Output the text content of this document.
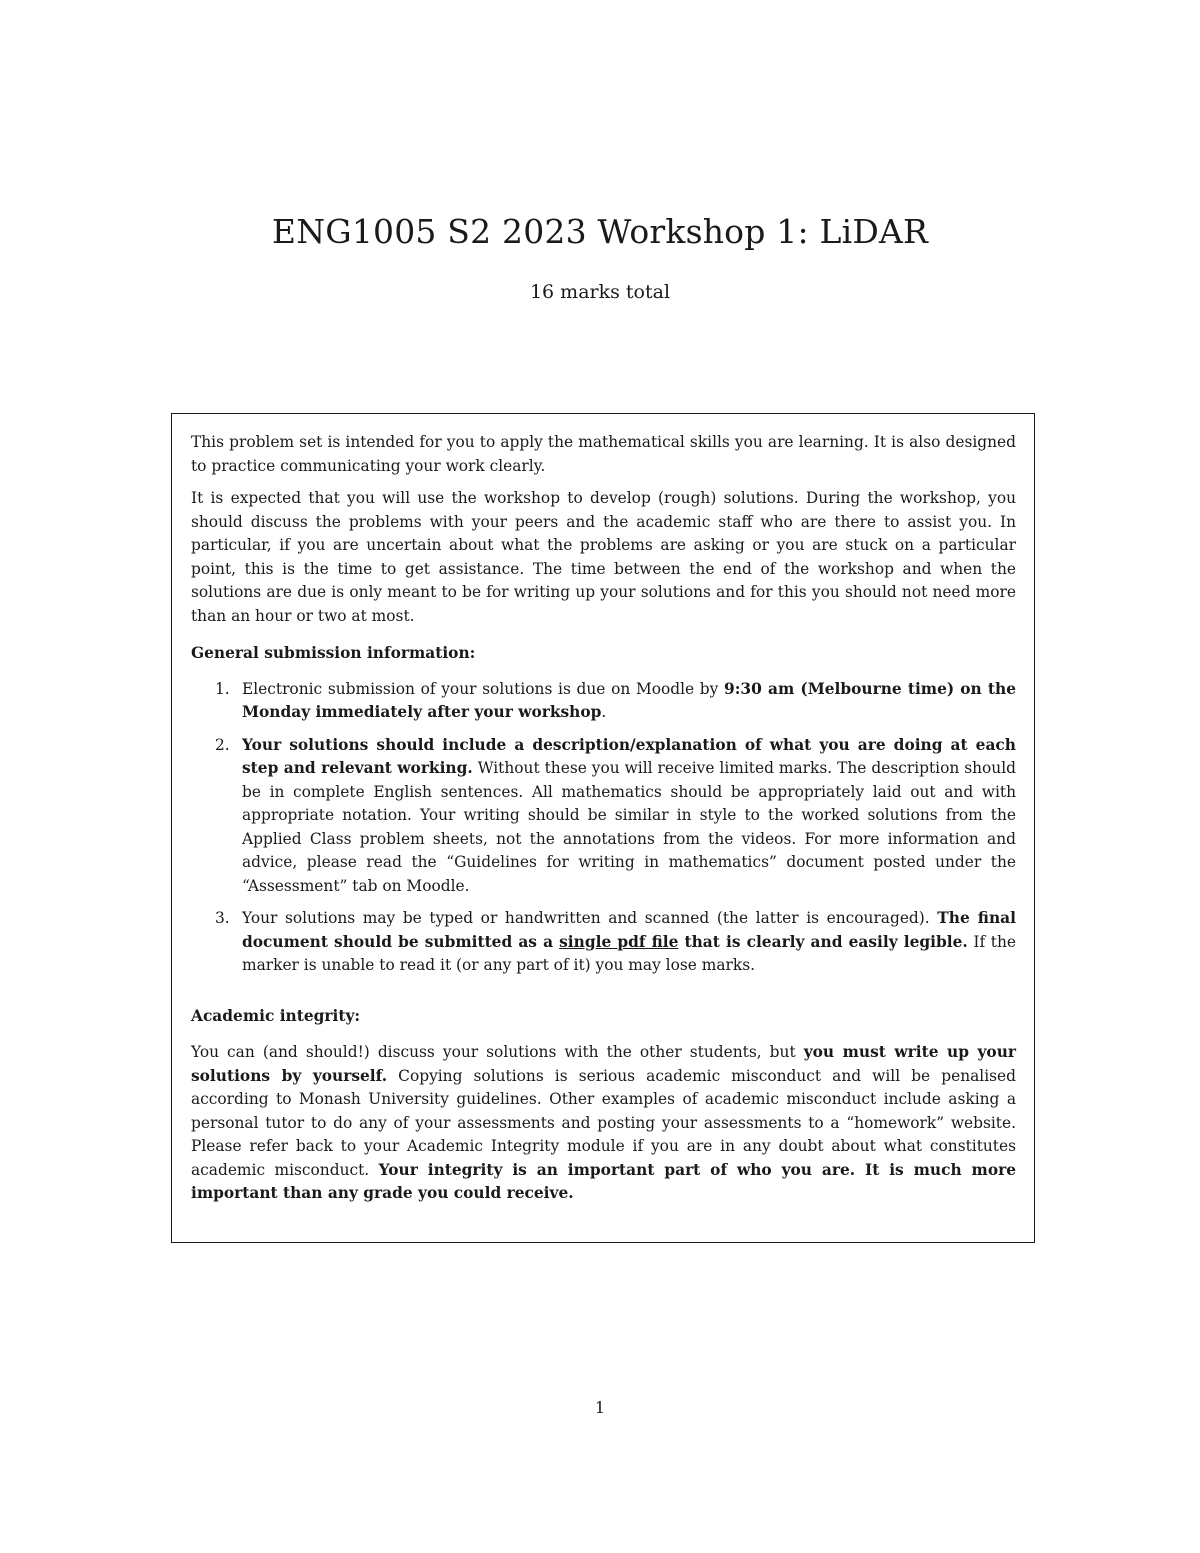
ENG1005 S2 2023 Workshop 1: LiDAR
16 marks total

This problem set is intended for you to apply the mathematical skills you are learning. It is also designed to practice communicating your work clearly.

It is expected that you will use the workshop to develop (rough) solutions. During the workshop, you should discuss the problems with your peers and the academic staff who are there to assist you. In particular, if you are uncertain about what the problems are asking or you are stuck on a particular point, this is the time to get assistance. The time between the end of the workshop and when the solutions are due is only meant to be for writing up your solutions and for this you should not need more than an hour or two at most.

General submission information:

1. Electronic submission of your solutions is due on Moodle by 9:30 am (Melbourne time) on the Monday immediately after your workshop.
2. Your solutions should include a description/explanation of what you are doing at each step and relevant working. Without these you will receive limited marks. The description should be in complete English sentences. All mathematics should be appropriately laid out and with appropriate notation. Your writing should be similar in style to the worked solutions from the Applied Class problem sheets, not the annotations from the videos. For more information and advice, please read the “Guidelines for writing in mathematics” document posted under the “Assessment” tab on Moodle.
3. Your solutions may be typed or handwritten and scanned (the latter is encouraged). The final document should be submitted as a single pdf file that is clearly and easily legible. If the marker is unable to read it (or any part of it) you may lose marks.

Academic integrity:

You can (and should!) discuss your solutions with the other students, but you must write up your solutions by yourself. Copying solutions is serious academic misconduct and will be penalised according to Monash University guidelines. Other examples of academic misconduct include asking a personal tutor to do any of your assessments and posting your assessments to a “homework” website. Please refer back to your Academic Integrity module if you are in any doubt about what constitutes academic misconduct. Your integrity is an important part of who you are. It is much more important than any grade you could receive.

1
